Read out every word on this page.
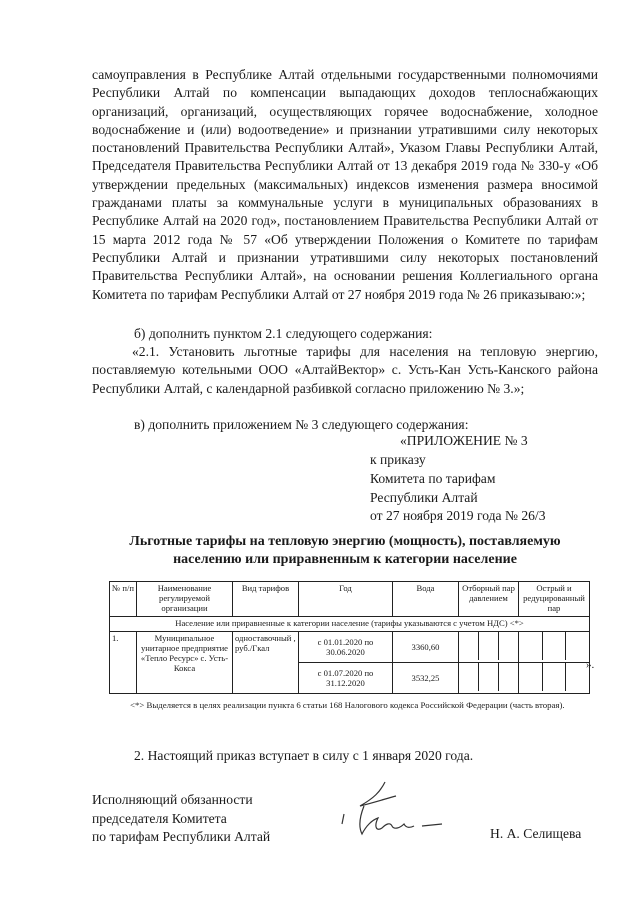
самоуправления в Республике Алтай отдельными государственными полномочиями Республики Алтай по компенсации выпадающих доходов теплоснабжающих организаций, организаций, осуществляющих горячее водоснабжение, холодное водоснабжение и (или) водоотведение» и признании утратившими силу некоторых постановлений Правительства Республики Алтай», Указом Главы Республики Алтай, Председателя Правительства Республики Алтай от 13 декабря 2019 года № 330-у «Об утверждении предельных (максимальных) индексов изменения размера вносимой гражданами платы за коммунальные услуги в муниципальных образованиях в Республике Алтай на 2020 год», постановлением Правительства Республики Алтай от 15 марта 2012 года № 57 «Об утверждении Положения о Комитете по тарифам Республики Алтай и признании утратившими силу некоторых постановлений Правительства Республики Алтай», на основании решения Коллегиального органа Комитета по тарифам Республики Алтай от 27 ноября 2019 года № 26 приказываю:»;

б) дополнить пунктом 2.1 следующего содержания:

«2.1. Установить льготные тарифы для населения на тепловую энергию, поставляемую котельными ООО «АлтайВектор» с. Усть-Кан Усть-Канского района Республики Алтай, с календарной разбивкой согласно приложению № 3.»;

в) дополнить приложением № 3 следующего содержания:
«ПРИЛОЖЕНИЕ № 3
к приказу
Комитета по тарифам
Республики Алтай
от 27 ноября 2019 года № 26/3
Льготные тарифы на тепловую энергию (мощность), поставляемую
населению или приравненным к категории население
№ п/п	Наименование регулируемой организации	Вид тарифов	Год	Вода	Отборный пар давлением	Острый и редуцированный пар
Население или приравненные к категории население (тарифы указываются с учетом НДС) <*>						
1.	Муниципальное унитарное предприятие «Тепло Ресурс» с. Усть-Кокса	одноставочный , руб./Гкал	с 01.01.2020 по 30.06.2020	3360,60	

			с 01.07.2020 по 31.12.2020	3532,25	

».
<*> Выделяется в целях реализации пункта 6 статьи 168 Налогового кодекса Российской Федерации (часть вторая).
2. Настоящий приказ вступает в силу с 1 января 2020 года.
Исполняющий обязанности
председателя Комитета
по тарифам Республики Алтай	Н. А. Селищева
